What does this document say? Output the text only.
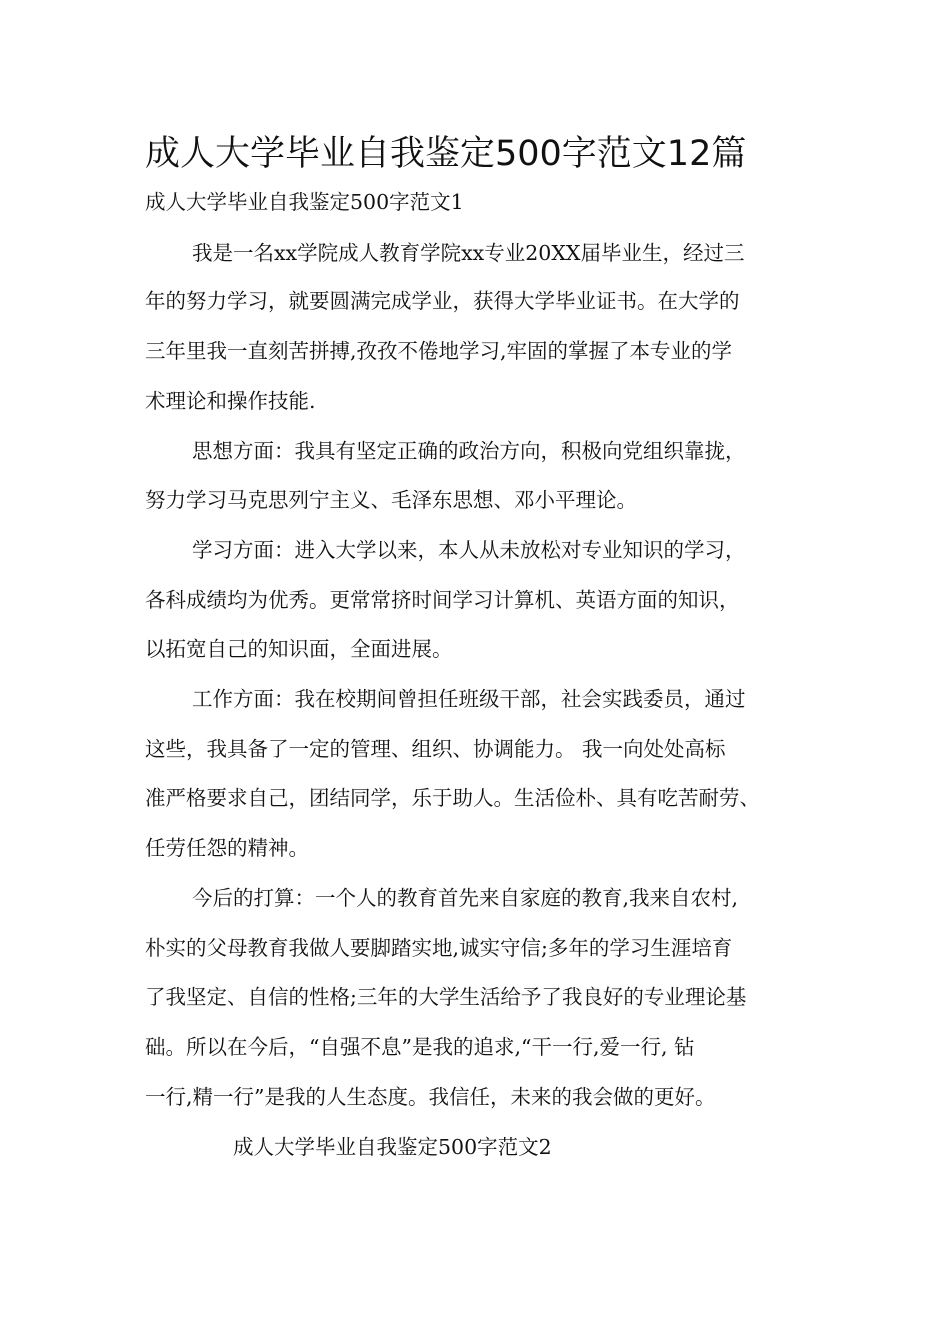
成人大学毕业自我鉴定500字范文12篇
成人大学毕业自我鉴定500字范文1
我是一名xx学院成人教育学院xx专业20XX届毕业生，经过三
年的努力学习，就要圆满完成学业，获得大学毕业证书。在大学的
三年里我一直刻苦拼搏,孜孜不倦地学习,牢固的掌握了本专业的学
术理论和操作技能.
思想方面：我具有坚定正确的政治方向，积极向党组织靠拢，
努力学习马克思列宁主义、毛泽东思想、邓小平理论。
学习方面：进入大学以来，本人从未放松对专业知识的学习，
各科成绩均为优秀。更常常挤时间学习计算机、英语方面的知识，
以拓宽自己的知识面，全面进展。
工作方面：我在校期间曾担任班级干部，社会实践委员，通过
这些，我具备了一定的管理、组织、协调能力。 我一向处处高标
准严格要求自己，团结同学，乐于助人。生活俭朴、具有吃苦耐劳、
任劳任怨的精神。
今后的打算：一个人的教育首先来自家庭的教育,我来自农村,
朴实的父母教育我做人要脚踏实地,诚实守信;多年的学习生涯培育
了我坚定、自信的性格;三年的大学生活给予了我良好的专业理论基
础。所以在今后，“自强不息”是我的追求,“干一行,爱一行, 钻
一行,精一行”是我的人生态度。我信任，未来的我会做的更好。
成人大学毕业自我鉴定500字范文2
